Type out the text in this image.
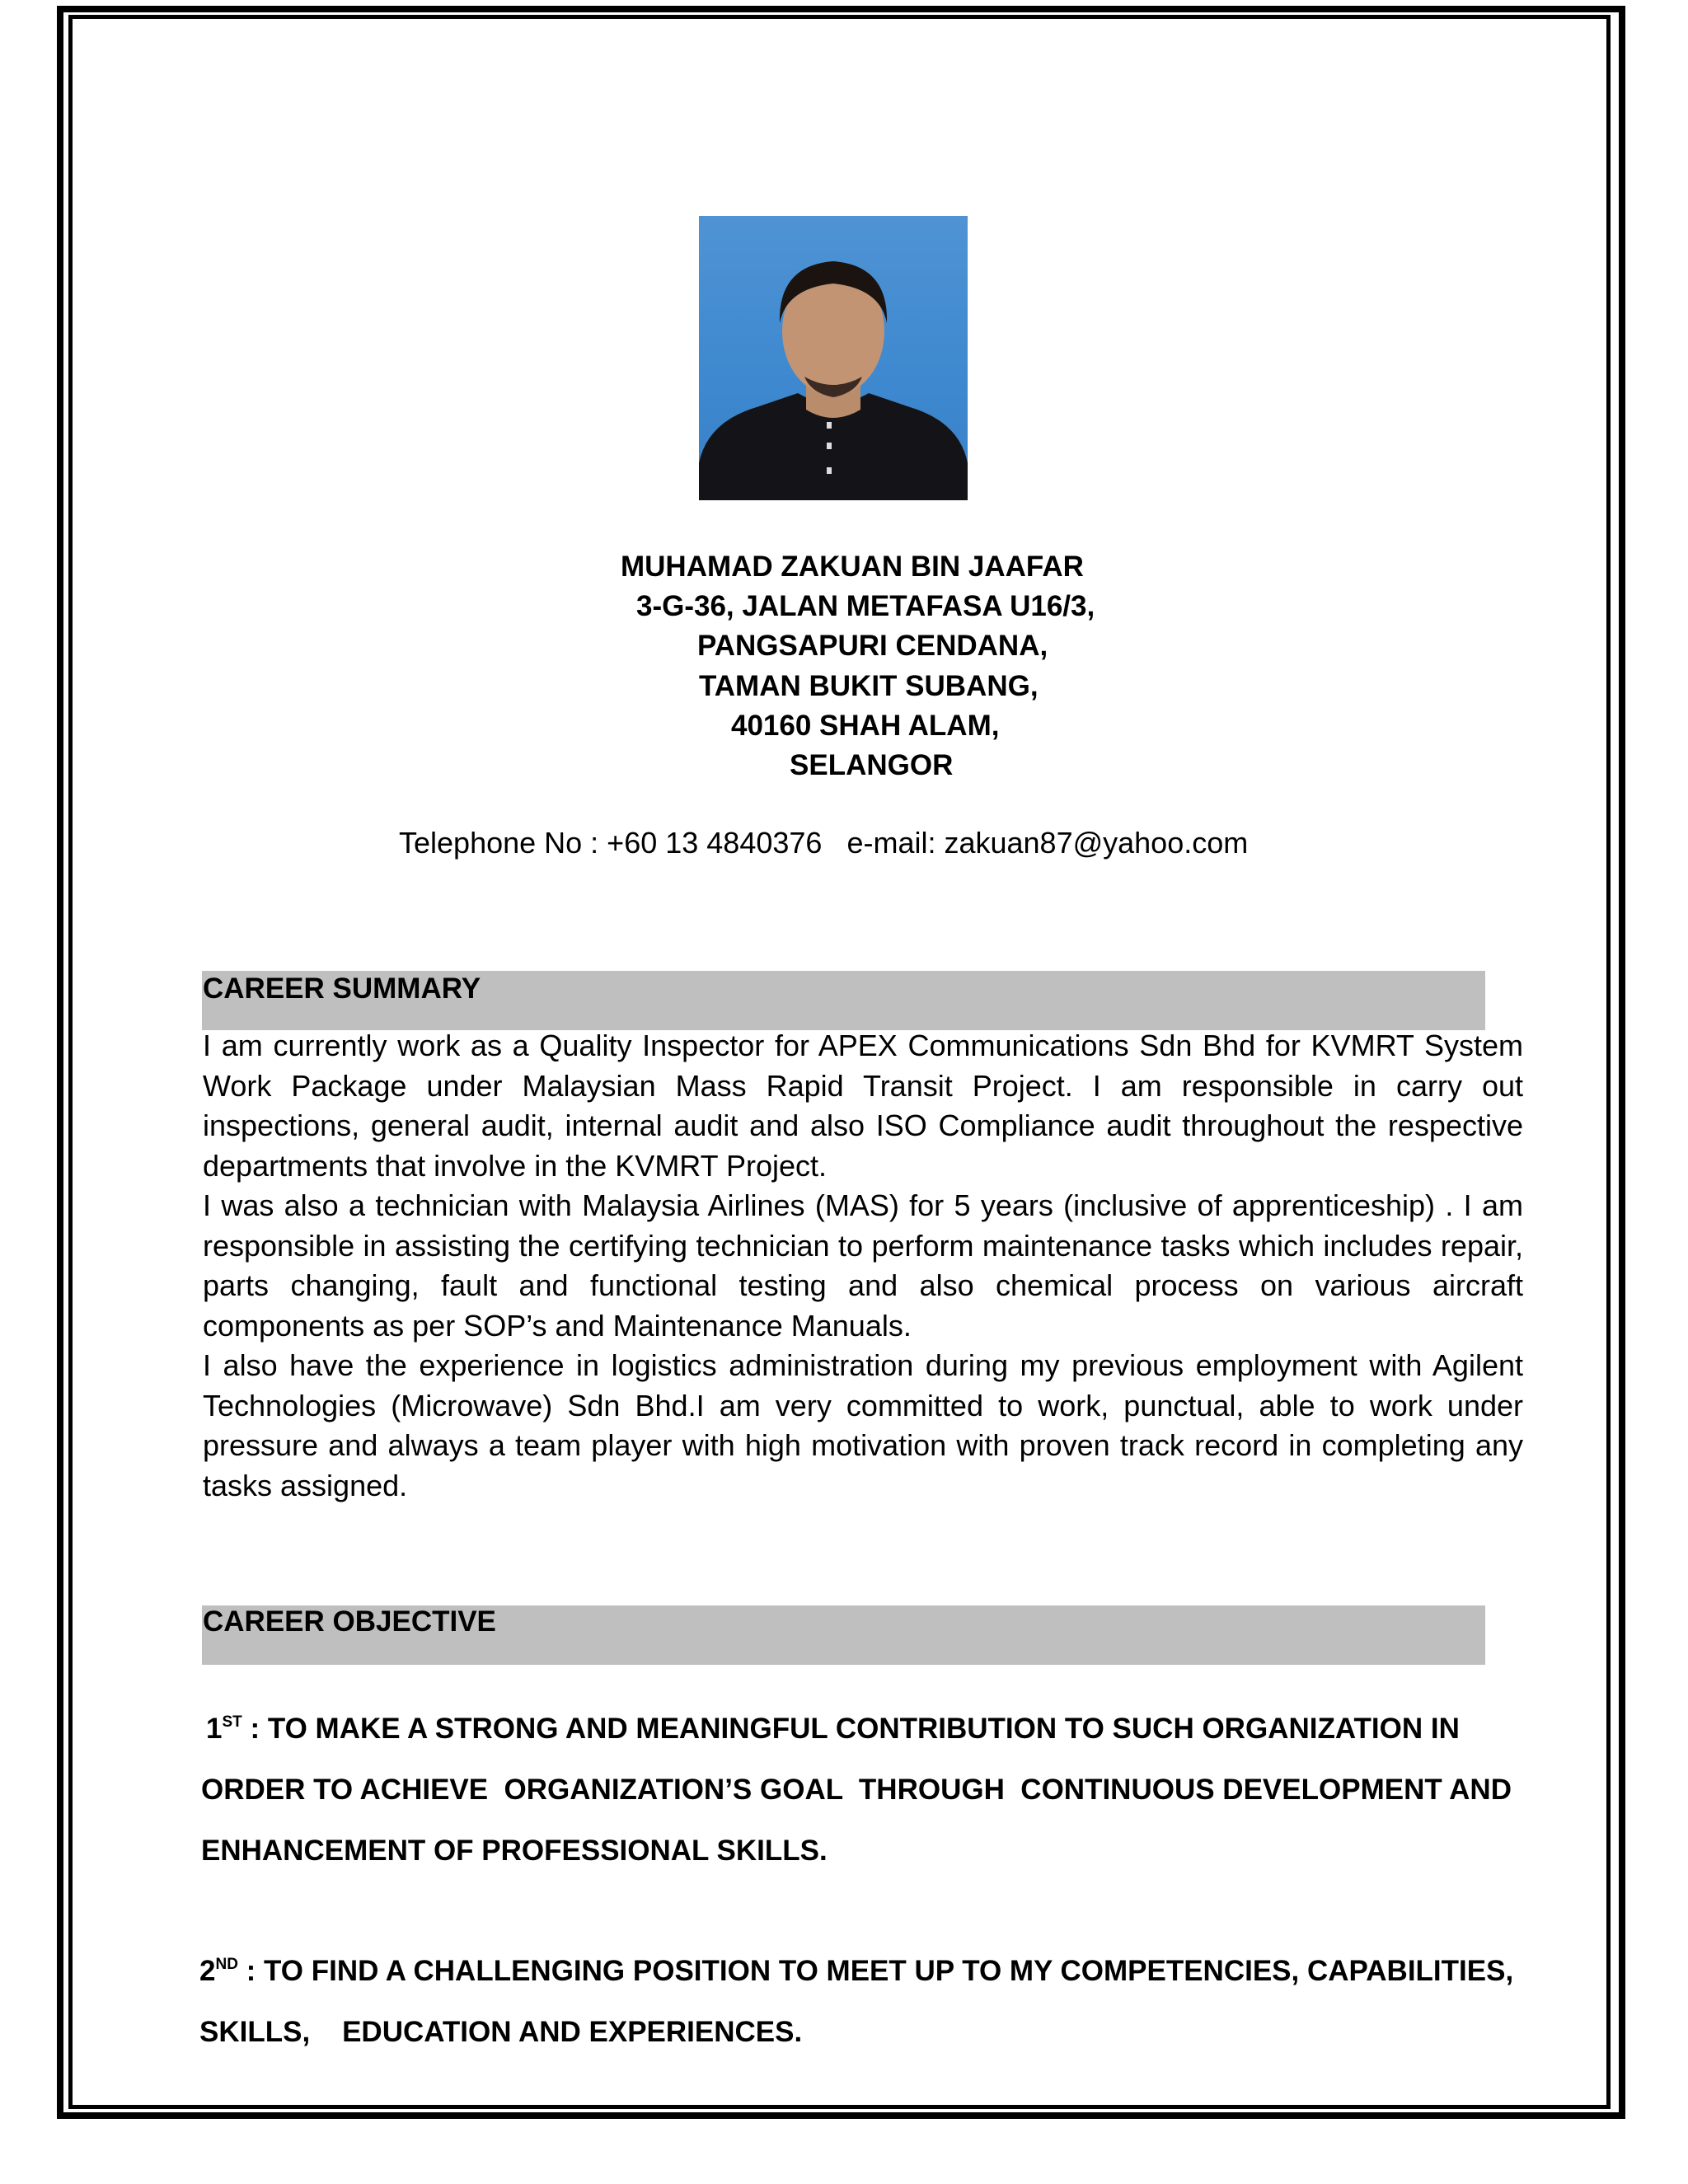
MUHAMAD ZAKUAN BIN JAAFAR
3-G-36, JALAN METAFASA U16/3,
PANGSAPURI CENDANA,
TAMAN BUKIT SUBANG,
40160 SHAH ALAM,
SELANGOR
Telephone No : +60 13 4840376   e-mail: zakuan87@yahoo.com
CAREER SUMMARY

I am currently work as a Quality Inspector for APEX Communications Sdn Bhd for KVMRT System Work Package under Malaysian Mass Rapid Transit Project. I am responsible in carry out inspections, general audit, internal audit and also ISO Compliance audit throughout the respective departments that involve in the KVMRT Project.

I was also a technician with Malaysia Airlines (MAS) for 5 years (inclusive of apprenticeship) . I am responsible in assisting the certifying technician to perform maintenance tasks which includes repair, parts changing, fault and functional testing and also chemical process on various aircraft components as per SOP’s and Maintenance Manuals.

I also have the experience in logistics administration during my previous employment with Agilent Technologies (Microwave) Sdn Bhd.I am very committed to work, punctual, able to work under pressure and always a team player with high motivation with proven track record in completing any tasks assigned.

CAREER OBJECTIVE
1ST : TO MAKE A STRONG AND MEANINGFUL CONTRIBUTION TO SUCH ORGANIZATION IN
ORDER TO ACHIEVE  ORGANIZATION’S GOAL  THROUGH  CONTINUOUS DEVELOPMENT AND
ENHANCEMENT OF PROFESSIONAL SKILLS.
2ND : TO FIND A CHALLENGING POSITION TO MEET UP TO MY COMPETENCIES, CAPABILITIES,
SKILLS,    EDUCATION AND EXPERIENCES.
